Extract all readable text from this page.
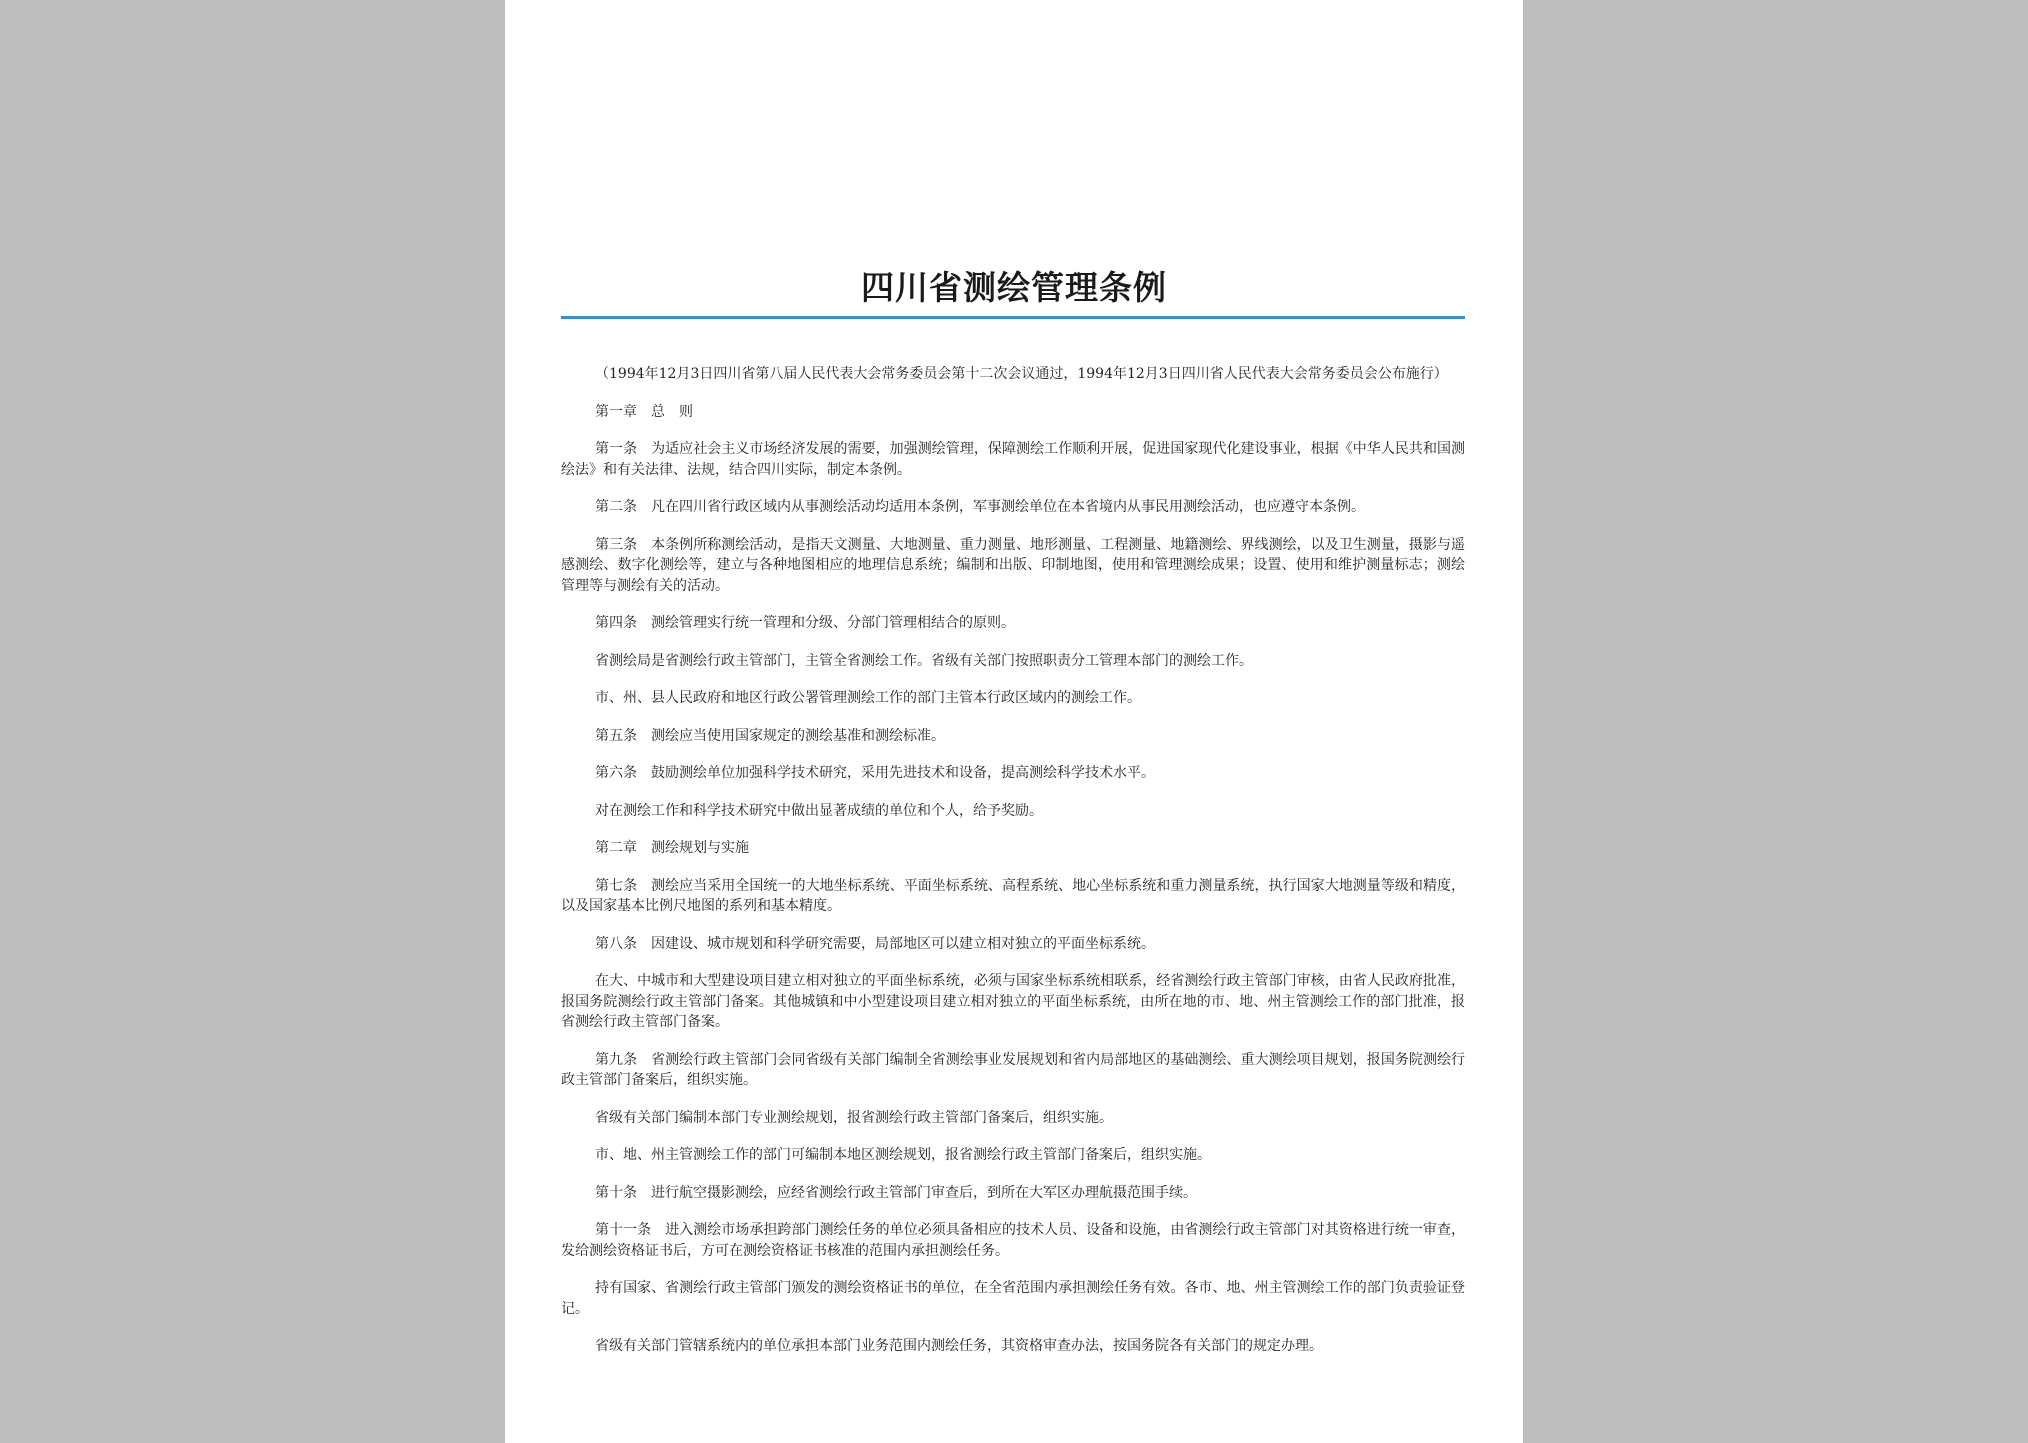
四川省测绘管理条例

（1994年12月3日四川省第八届人民代表大会常务委员会第十二次会议通过，1994年12月3日四川省人民代表大会常务委员会公布施行）

第一章　总 则

第一条 为适应社会主义市场经济发展的需要，加强测绘管理，保障测绘工作顺利开展，促进国家现代化建设事业，根据《中华人民共和国测绘法》和有关法律、法规，结合四川实际，制定本条例。

第二条 凡在四川省行政区域内从事测绘活动均适用本条例，军事测绘单位在本省境内从事民用测绘活动，也应遵守本条例。

第三条 本条例所称测绘活动，是指天文测量、大地测量、重力测量、地形测量、工程测量、地籍测绘、界线测绘，以及卫生测量，摄影与遥感测绘、数字化测绘等，建立与各种地图相应的地理信息系统；编制和出版、印制地图，使用和管理测绘成果；设置、使用和维护测量标志；测绘管理等与测绘有关的活动。

第四条 测绘管理实行统一管理和分级、分部门管理相结合的原则。

省测绘局是省测绘行政主管部门，主管全省测绘工作。省级有关部门按照职责分工管理本部门的测绘工作。

市、州、县人民政府和地区行政公署管理测绘工作的部门主管本行政区域内的测绘工作。

第五条 测绘应当使用国家规定的测绘基准和测绘标准。

第六条 鼓励测绘单位加强科学技术研究，采用先进技术和设备，提高测绘科学技术水平。

对在测绘工作和科学技术研究中做出显著成绩的单位和个人，给予奖励。

第二章 测绘规划与实施

第七条 测绘应当采用全国统一的大地坐标系统、平面坐标系统、高程系统、地心坐标系统和重力测量系统，执行国家大地测量等级和精度，以及国家基本比例尺地图的系列和基本精度。

第八条 因建设、城市规划和科学研究需要，局部地区可以建立相对独立的平面坐标系统。

在大、中城市和大型建设项目建立相对独立的平面坐标系统，必须与国家坐标系统相联系，经省测绘行政主管部门审核，由省人民政府批准，报国务院测绘行政主管部门备案。其他城镇和中小型建设项目建立相对独立的平面坐标系统，由所在地的市、地、州主管测绘工作的部门批准，报省测绘行政主管部门备案。

第九条 省测绘行政主管部门会同省级有关部门编制全省测绘事业发展规划和省内局部地区的基础测绘、重大测绘项目规划，报国务院测绘行政主管部门备案后，组织实施。

省级有关部门编制本部门专业测绘规划，报省测绘行政主管部门备案后，组织实施。

市、地、州主管测绘工作的部门可编制本地区测绘规划，报省测绘行政主管部门备案后，组织实施。

第十条 进行航空摄影测绘，应经省测绘行政主管部门审查后，到所在大军区办理航摄范围手续。

第十一条 进入测绘市场承担跨部门测绘任务的单位必须具备相应的技术人员、设备和设施，由省测绘行政主管部门对其资格进行统一审查，发给测绘资格证书后，方可在测绘资格证书核准的范围内承担测绘任务。

持有国家、省测绘行政主管部门颁发的测绘资格证书的单位，在全省范围内承担测绘任务有效。各市、地、州主管测绘工作的部门负责验证登记。

省级有关部门管辖系统内的单位承担本部门业务范围内测绘任务，其资格审查办法，按国务院各有关部门的规定办理。
